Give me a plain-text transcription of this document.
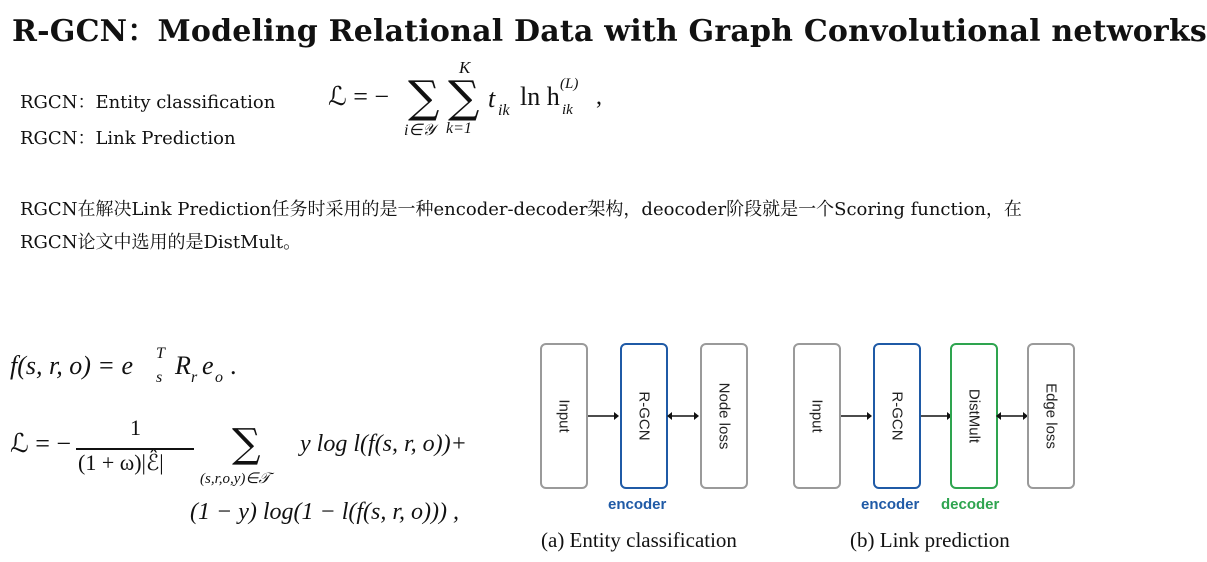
R-GCN：Modeling Relational Data with Graph Convolutional networks
RGCN：Entity classification
RGCN：Link Prediction
ℒ = − ∑
i∈𝒴
K
∑
k=1
t ik ln h (L)
ik ,
RGCN在解决Link Prediction任务时采用的是一种encoder-decoder架构，deocoder阶段就是一个Scoring function，在
RGCN论文中选用的是DistMult。
f(s, r, o) = e T
s R r e o .
ℒ = −
1
(1 + ω)|ℰ̂| ∑
(s,r,o,y)∈𝒯
y log l(f(s, r, o))+
(1 − y) log(1 − l(f(s, r, o))) ,
Input	R-GCN	Node loss
encoder
(a) Entity classification
Input	R-GCN	DistMult	Edge loss
encoder decoder
(b) Link prediction
